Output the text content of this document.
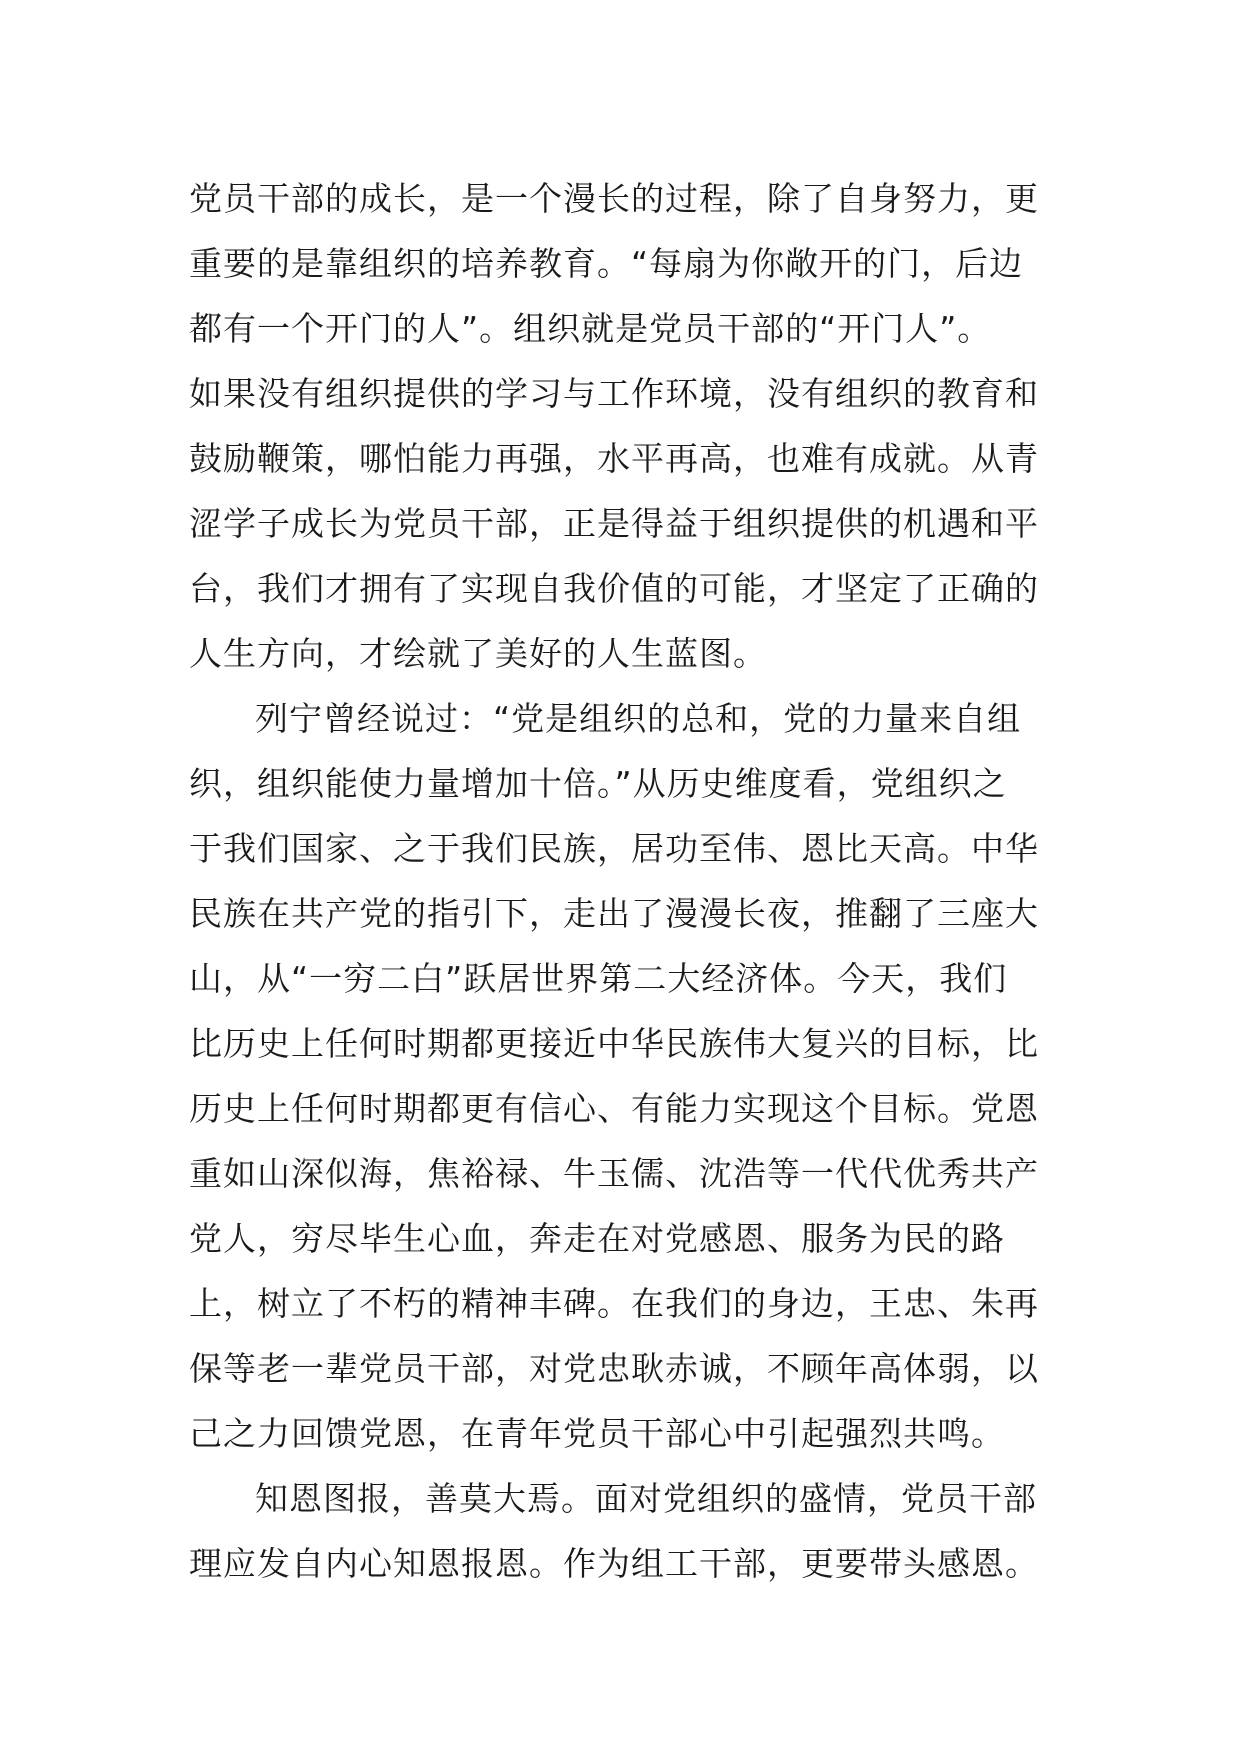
党员干部的成长，是一个漫长的过程，除了自身努力，更
重要的是靠组织的培养教育。“每扇为你敞开的门，后边
都有一个开门的人”。组织就是党员干部的“开门人”。
如果没有组织提供的学习与工作环境，没有组织的教育和
鼓励鞭策，哪怕能力再强，水平再高，也难有成就。从青
涩学子成长为党员干部，正是得益于组织提供的机遇和平
台，我们才拥有了实现自我价值的可能，才坚定了正确的
人生方向，才绘就了美好的人生蓝图。
列宁曾经说过：“党是组织的总和，党的力量来自组
织，组织能使力量增加十倍。”从历史维度看，党组织之
于我们国家、之于我们民族，居功至伟、恩比天高。中华
民族在共产党的指引下，走出了漫漫长夜，推翻了三座大
山，从“一穷二白”跃居世界第二大经济体。今天，我们
比历史上任何时期都更接近中华民族伟大复兴的目标，比
历史上任何时期都更有信心、有能力实现这个目标。党恩
重如山深似海，焦裕禄、牛玉儒、沈浩等一代代优秀共产
党人，穷尽毕生心血，奔走在对党感恩、服务为民的路
上，树立了不朽的精神丰碑。在我们的身边，王忠、朱再
保等老一辈党员干部，对党忠耿赤诚，不顾年高体弱，以
己之力回馈党恩，在青年党员干部心中引起强烈共鸣。
知恩图报，善莫大焉。面对党组织的盛情，党员干部
理应发自内心知恩报恩。作为组工干部，更要带头感恩。
